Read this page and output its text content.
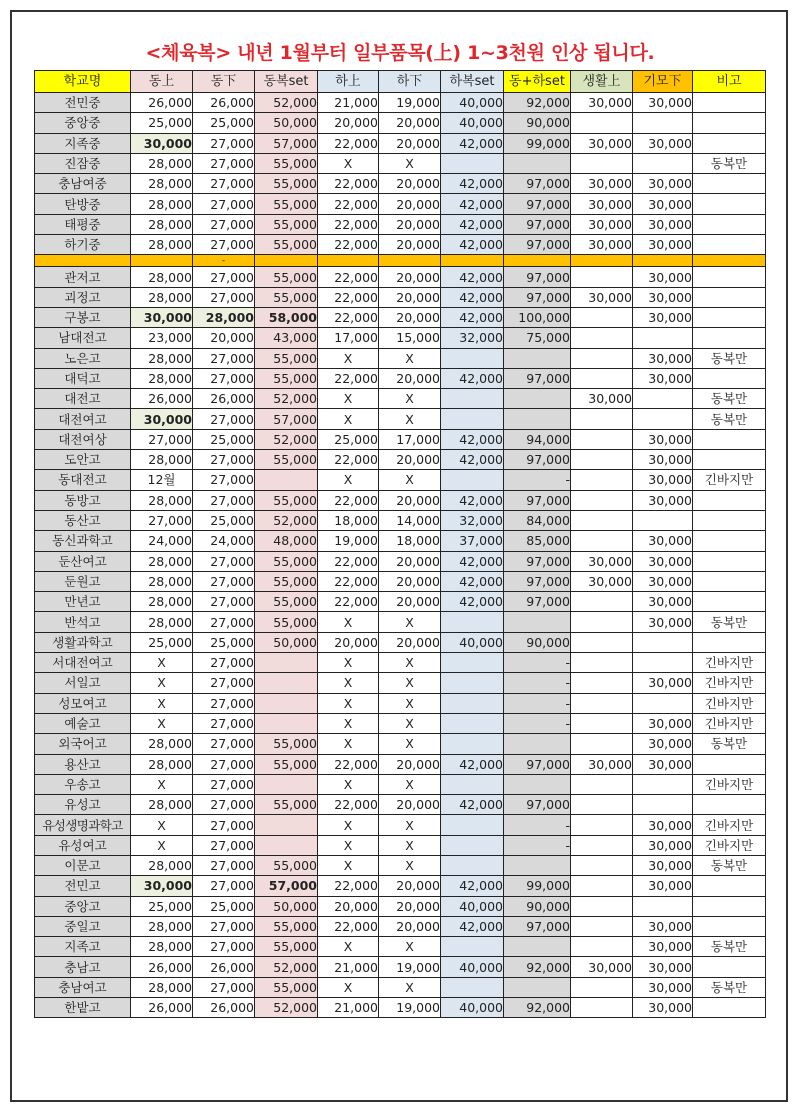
<체육복> 내년 1월부터 일부품목(上) 1~3천원 인상 됩니다.
학교명	동上	동下	동복set	하上	하下	하복set	동+하set	생활上	기모下	비고
전민중	26,000	26,000	52,000	21,000	19,000	40,000	92,000	30,000	30,000	
중앙중	25,000	25,000	50,000	20,000	20,000	40,000	90,000			
지족중	30,000	27,000	57,000	22,000	20,000	42,000	99,000	30,000	30,000	
진잠중	28,000	27,000	55,000	X	X					동복만
충남여중	28,000	27,000	55,000	22,000	20,000	42,000	97,000	30,000	30,000	
탄방중	28,000	27,000	55,000	22,000	20,000	42,000	97,000	30,000	30,000	
태평중	28,000	27,000	55,000	22,000	20,000	42,000	97,000	30,000	30,000	
하기중	28,000	27,000	55,000	22,000	20,000	42,000	97,000	30,000	30,000	
		-								
관저고	28,000	27,000	55,000	22,000	20,000	42,000	97,000		30,000	
괴정고	28,000	27,000	55,000	22,000	20,000	42,000	97,000	30,000	30,000	
구봉고	30,000	28,000	58,000	22,000	20,000	42,000	100,000		30,000	
남대전고	23,000	20,000	43,000	17,000	15,000	32,000	75,000			
노은고	28,000	27,000	55,000	X	X				30,000	동복만
대덕고	28,000	27,000	55,000	22,000	20,000	42,000	97,000		30,000	
대전고	26,000	26,000	52,000	X	X			30,000		동복만
대전여고	30,000	27,000	57,000	X	X					동복만
대전여상	27,000	25,000	52,000	25,000	17,000	42,000	94,000		30,000	
도안고	28,000	27,000	55,000	22,000	20,000	42,000	97,000		30,000	
동대전고	12월	27,000		X	X		-		30,000	긴바지만
동방고	28,000	27,000	55,000	22,000	20,000	42,000	97,000		30,000	
동산고	27,000	25,000	52,000	18,000	14,000	32,000	84,000			
동신과학고	24,000	24,000	48,000	19,000	18,000	37,000	85,000		30,000	
둔산여고	28,000	27,000	55,000	22,000	20,000	42,000	97,000	30,000	30,000	
둔원고	28,000	27,000	55,000	22,000	20,000	42,000	97,000	30,000	30,000	
만년고	28,000	27,000	55,000	22,000	20,000	42,000	97,000		30,000	
반석고	28,000	27,000	55,000	X	X				30,000	동복만
생활과학고	25,000	25,000	50,000	20,000	20,000	40,000	90,000			
서대전여고	X	27,000		X	X		-			긴바지만
서일고	X	27,000		X	X		-		30,000	긴바지만
성모여고	X	27,000		X	X		-			긴바지만
예술고	X	27,000		X	X		-		30,000	긴바지만
외국어고	28,000	27,000	55,000	X	X				30,000	동복만
용산고	28,000	27,000	55,000	22,000	20,000	42,000	97,000	30,000	30,000	
우송고	X	27,000		X	X					긴바지만
유성고	28,000	27,000	55,000	22,000	20,000	42,000	97,000			
유성생명과학고	X	27,000		X	X		-		30,000	긴바지만
유성여고	X	27,000		X	X		-		30,000	긴바지만
이문고	28,000	27,000	55,000	X	X				30,000	동복만
전민고	30,000	27,000	57,000	22,000	20,000	42,000	99,000		30,000	
중앙고	25,000	25,000	50,000	20,000	20,000	40,000	90,000			
중일고	28,000	27,000	55,000	22,000	20,000	42,000	97,000		30,000	
지족고	28,000	27,000	55,000	X	X				30,000	동복만
충남고	26,000	26,000	52,000	21,000	19,000	40,000	92,000	30,000	30,000	
충남여고	28,000	27,000	55,000	X	X				30,000	동복만
한밭고	26,000	26,000	52,000	21,000	19,000	40,000	92,000		30,000	
